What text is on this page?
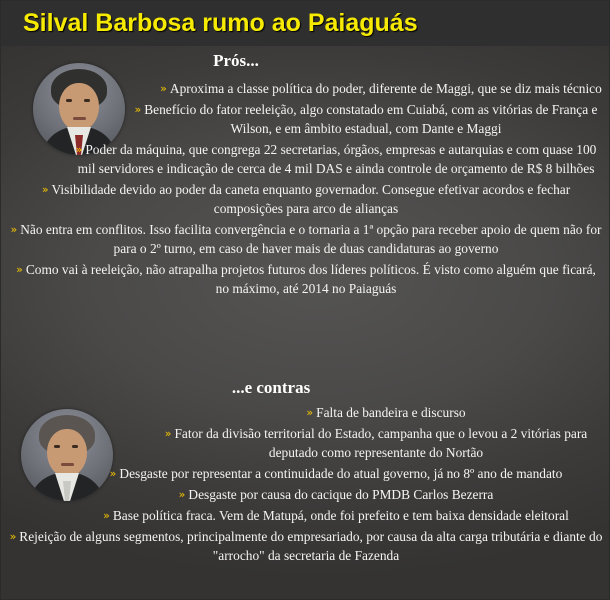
Silval Barbosa rumo ao Paiaguás
Prós...

» Aproxima a classe política do poder, diferente de Maggi, que se diz mais técnico

» Benefício do fator reeleição, algo constatado em Cuiabá, com as vitórias de França e Wilson, e em âmbito estadual, com Dante e Maggi

» Poder da máquina, que congrega 22 secretarias, órgãos, empresas e autarquias e com quase 100 mil servidores e indicação de cerca de 4 mil DAS e ainda controle de orçamento de R$ 8 bilhões

» Visibilidade devido ao poder da caneta enquanto governador. Consegue efetivar acordos e fechar composições para arco de alianças

» Não entra em conflitos. Isso facilita convergência e o tornaria a 1ª opção para receber apoio de quem não for para o 2º turno, em caso de haver mais de duas candidaturas ao governo

» Como vai à reeleição, não atrapalha projetos futuros dos líderes políticos. É visto como alguém que ficará, no máximo, até 2014 no Paiaguás

...e contras

» Falta de bandeira e discurso

» Fator da divisão territorial do Estado, campanha que o levou a 2 vitórias para deputado como representante do Nortão

» Desgaste por representar a continuidade do atual governo, já no 8º ano de mandato

» Desgaste por causa do cacique do PMDB Carlos Bezerra

» Base política fraca. Vem de Matupá, onde foi prefeito e tem baixa densidade eleitoral

» Rejeição de alguns segmentos, principalmente do empresariado, por causa da alta carga tributária e diante do "arrocho" da secretaria de Fazenda
